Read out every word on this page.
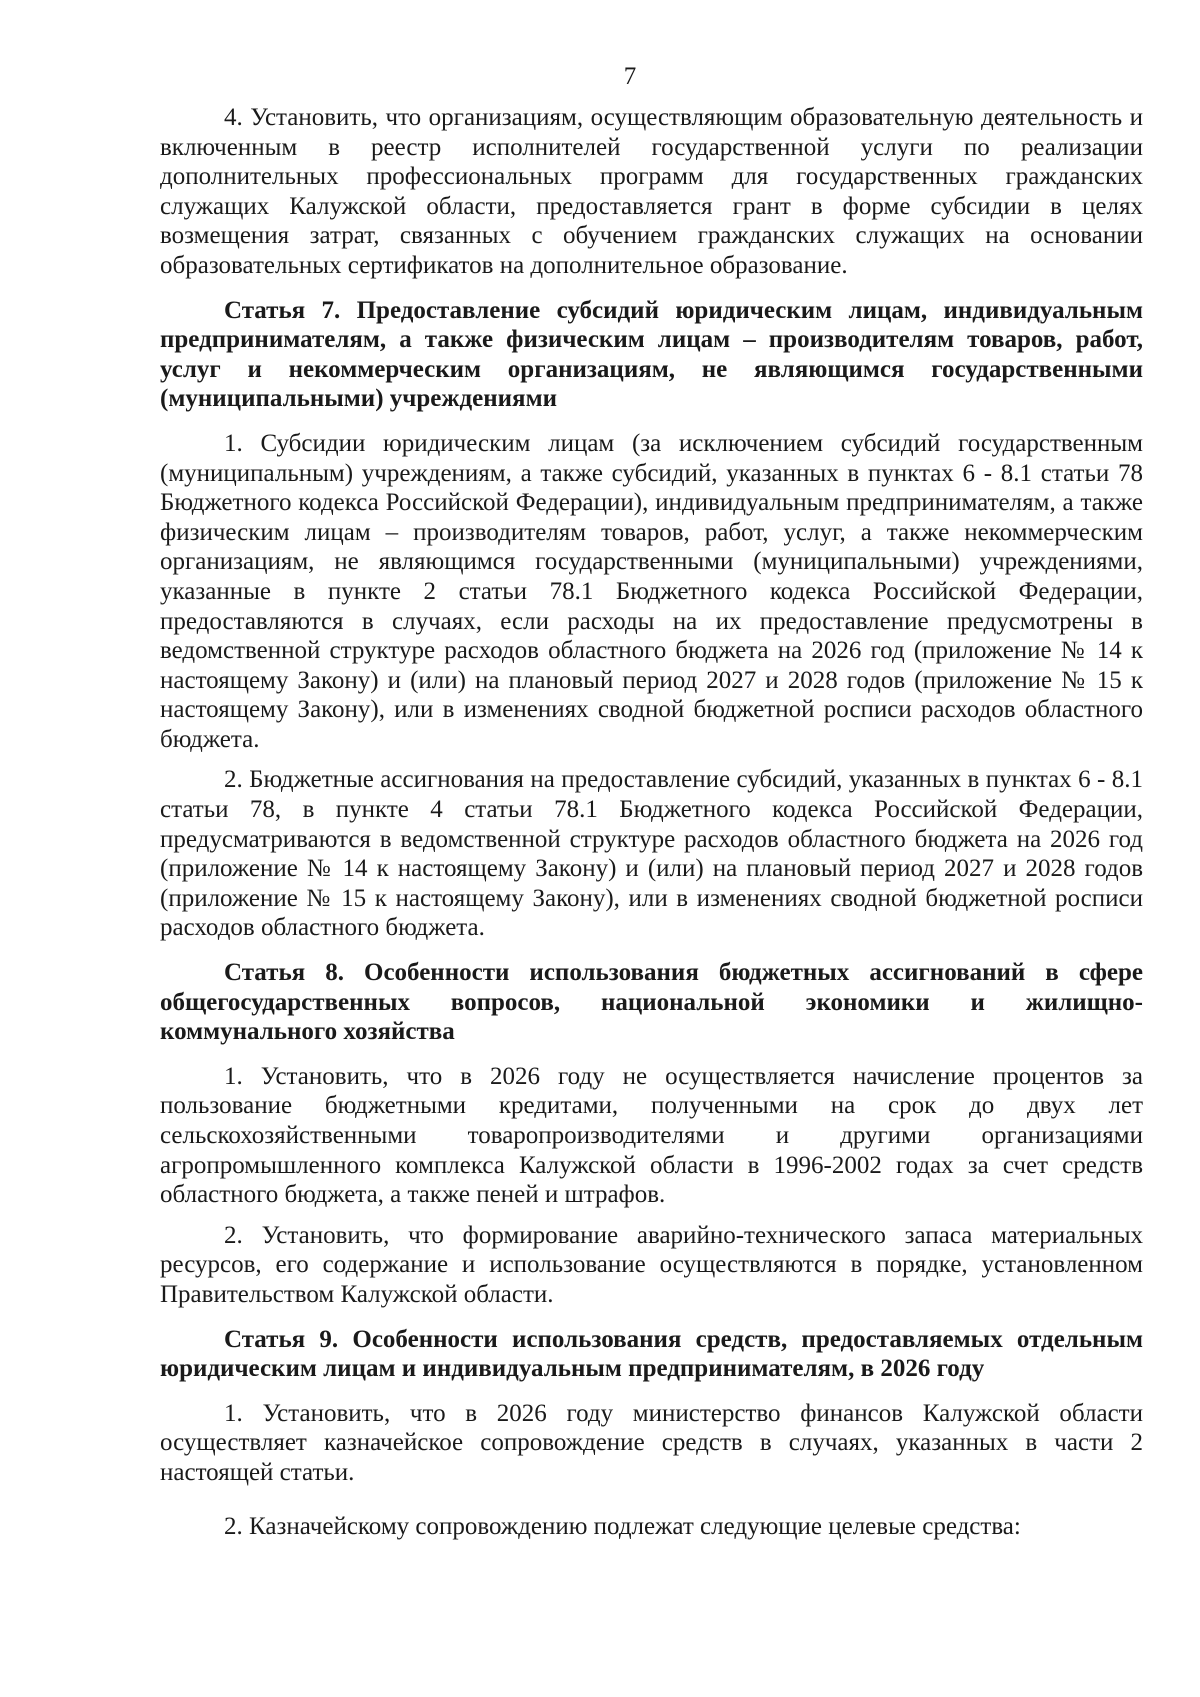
7

4. Установить, что организациям, осуществляющим образовательную деятельность и включенным в реестр исполнителей государственной услуги по реализации дополнительных профессиональных программ для государственных гражданских служащих Калужской области, предоставляется грант в форме субсидии в целях возмещения затрат, связанных с обучением гражданских служащих на основании образовательных сертификатов на дополнительное образование.

Статья 7. Предоставление субсидий юридическим лицам, индивидуальным предпринимателям, а также физическим лицам – производителям товаров, работ, услуг и некоммерческим организациям, не являющимся государственными (муниципальными) учреждениями

1. Субсидии юридическим лицам (за исключением субсидий государственным (муниципальным) учреждениям, а также субсидий, указанных в пунктах 6 - 8.1 статьи 78 Бюджетного кодекса Российской Федерации), индивидуальным предпринимателям, а также физическим лицам – производителям товаров, работ, услуг, а также некоммерческим организациям, не являющимся государственными (муниципальными) учреждениями, указанные в пункте 2 статьи 78.1 Бюджетного кодекса Российской Федерации, предоставляются в случаях, если расходы на их предоставление предусмотрены в ведомственной структуре расходов областного бюджета на 2026 год (приложение № 14 к настоящему Закону) и (или) на плановый период 2027 и 2028 годов (приложение № 15 к настоящему Закону), или в изменениях сводной бюджетной росписи расходов областного бюджета.

2. Бюджетные ассигнования на предоставление субсидий, указанных в пунктах 6 - 8.1 статьи 78, в пункте 4 статьи 78.1 Бюджетного кодекса Российской Федерации, предусматриваются в ведомственной структуре расходов областного бюджета на 2026 год (приложение № 14 к настоящему Закону) и (или) на плановый период 2027 и 2028 годов (приложение № 15 к настоящему Закону), или в изменениях сводной бюджетной росписи расходов областного бюджета.

Статья 8. Особенности использования бюджетных ассигнований в сфере общегосударственных вопросов, национальной экономики и жилищно-коммунального хозяйства

1. Установить, что в 2026 году не осуществляется начисление процентов за пользование бюджетными кредитами, полученными на срок до двух лет сельскохозяйственными товаропроизводителями и другими организациями агропромышленного комплекса Калужской области в 1996-2002 годах за счет средств областного бюджета, а также пеней и штрафов.

2. Установить, что формирование аварийно-технического запаса материальных ресурсов, его содержание и использование осуществляются в порядке, установленном Правительством Калужской области.

Статья 9. Особенности использования средств, предоставляемых отдельным юридическим лицам и индивидуальным предпринимателям, в 2026 году

1. Установить, что в 2026 году министерство финансов Калужской области осуществляет казначейское сопровождение средств в случаях, указанных в части 2 настоящей статьи.

2. Казначейскому сопровождению подлежат следующие целевые средства:
